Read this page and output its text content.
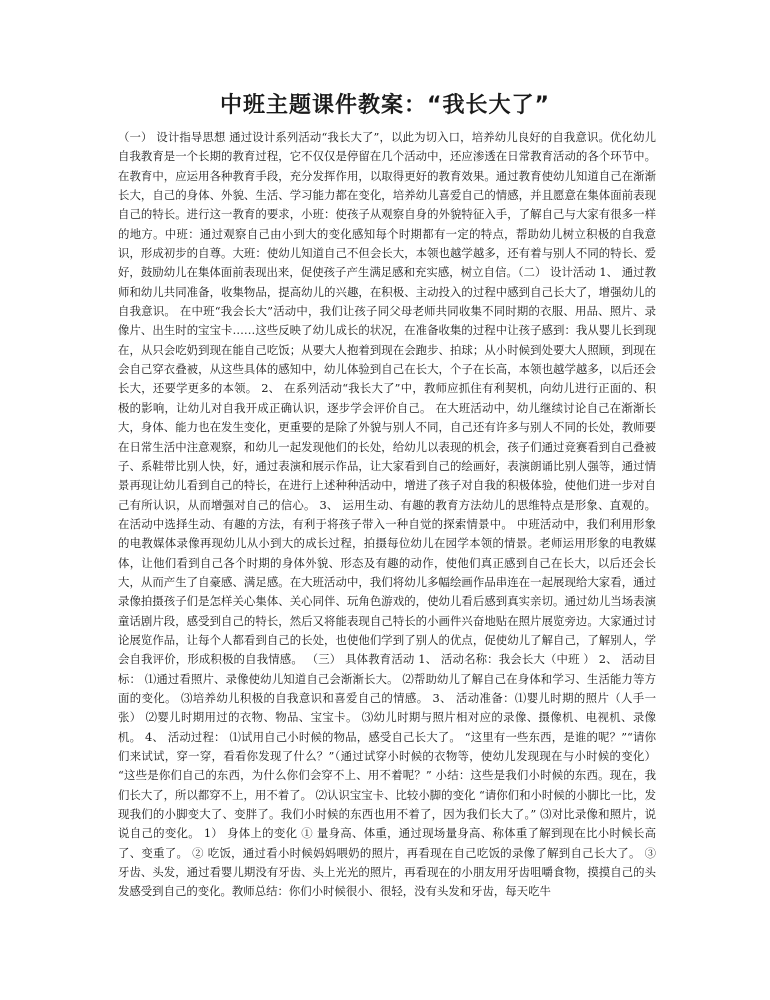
中班主题课件教案：“我长大了”

（一） 设计指导思想 通过设计系列活动“我长大了”，以此为切入口，培养幼儿良好的自我意识。优化幼儿自我教育是一个长期的教育过程，它不仅仅是停留在几个活动中，还应渗透在日常教育活动的各个环节中。在教育中，应运用各种教育手段，充分发挥作用，以取得更好的教育效果。通过教育使幼儿知道自己在渐渐长大，自己的身体、外貌、生活、学习能力都在变化，培养幼儿喜爱自己的情感，并且愿意在集体面前表现自己的特长。进行这一教育的要求，小班：使孩子从观察自身的外貌特征入手，了解自己与大家有很多一样的地方。中班：通过观察自己由小到大的变化感知每个时期都有一定的特点，帮助幼儿树立积极的自我意识，形成初步的自尊。大班：使幼儿知道自己不但会长大，本领也越学越多，还有着与别人不同的特长、爱好，鼓励幼儿在集体面前表现出来，促使孩子产生满足感和充实感，树立自信。（二） 设计活动 1、 通过教师和幼儿共同准备，收集物品，提高幼儿的兴趣，在积极、主动投入的过程中感到自己长大了，增强幼儿的自我意识。 在中班“我会长大”活动中，我们让孩子同父母老师共同收集不同时期的衣服、用品、照片、录像片、出生时的宝宝卡……这些反映了幼儿成长的状况，在准备收集的过程中让孩子感到：我从婴儿长到现在，从只会吃奶到现在能自己吃饭；从要大人抱着到现在会跑步、拍球；从小时候到处要大人照顾，到现在会自己穿衣叠被，从这些具体的感知中，幼儿体验到自己在长大，个子在长高，本领也越学越多，以后还会长大，还要学更多的本领。 2、 在系列活动“我长大了”中，教师应抓住有利契机，向幼儿进行正面的、积极的影响，让幼儿对自我开成正确认识，逐步学会评价自己。 在大班活动中，幼儿继续讨论自己在渐渐长大，身体、能力也在发生变化，更重要的是除了外貌与别人不同，自己还有许多与别人不同的长处，教师要在日常生活中注意观察，和幼儿一起发现他们的长处，给幼儿以表现的机会，孩子们通过竞赛看到自己叠被子、系鞋带比别人快，好，通过表演和展示作品，让大家看到自己的绘画好，表演朗诵比别人强等，通过情景再现让幼儿看到自己的特长，在进行上述种种活动中，增进了孩子对自我的积极体验，使他们进一步对自己有所认识，从而增强对自己的信心。 3、 运用生动、有趣的教育方法幼儿的思维特点是形象、直观的。在活动中选择生动、有趣的方法，有利于将孩子带入一种自觉的探索情景中。 中班活动中，我们利用形象的电教媒体录像再现幼儿从小到大的成长过程，拍摄每位幼儿在园学本领的情景。老师运用形象的电教媒体，让他们看到自己各个时期的身体外貌、形态及有趣的动作，使他们真正感到自己在长大，以后还会长大，从而产生了自豪感、满足感。在大班活动中，我们将幼儿多幅绘画作品串连在一起展现给大家看，通过录像拍摄孩子们是怎样关心集体、关心同伴、玩角色游戏的，使幼儿看后感到真实亲切。通过幼儿当场表演童话剧片段，感受到自己的特长，然后又将能表现自己特长的小画件兴奋地贴在照片展览旁边。大家通过讨论展览作品，让每个人都看到自己的长处，也使他们学到了别人的优点，促使幼儿了解自己，了解别人，学会自我评价，形成积极的自我情感。 （三） 具体教育活动 1、 活动名称：我会长大（中班 ） 2、 活动目标： ⑴通过看照片、录像使幼儿知道自己会渐渐长大。 ⑵帮助幼儿了解自己在身体和学习、生活能力等方面的变化。 ⑶培养幼儿积极的自我意识和喜爱自己的情感。 3、 活动准备：⑴婴儿时期的照片（人手一张） ⑵婴儿时期用过的衣物、物品、宝宝卡。 ⑶幼儿时期与照片相对应的录像、摄像机、电视机、录像机。 4、 活动过程： ⑴试用自己小时候的物品，感受自己长大了。 “这里有一些东西，是谁的呢？”“请你们来试试，穿一穿，看看你发现了什么？”（通过试穿小时候的衣物等，使幼儿发现现在与小时候的变化） “这些是你们自己的东西，为什么你们会穿不上、用不着呢？” 小结：这些是我们小时候的东西。现在，我们长大了，所以都穿不上，用不着了。 ⑵认识宝宝卡、比较小脚的变化 “请你们和小时候的小脚比一比，发现我们的小脚变大了、变胖了。我们小时候的东西也用不着了，因为我们长大了。” ⑶对比录像和照片，说说自己的变化。 1） 身体上的变化 ① 量身高、体重，通过现场量身高、称体重了解到现在比小时候长高了、变重了。 ② 吃饭，通过看小时候妈妈喂奶的照片，再看现在自己吃饭的录像了解到自己长大了。 ③ 牙齿、头发，通过看婴儿期没有牙齿、头上光光的照片，再看现在的小朋友用牙齿咀嚼食物，摸摸自己的头发感受到自己的变化。教师总结：你们小时候很小、很轻，没有头发和牙齿，每天吃牛
